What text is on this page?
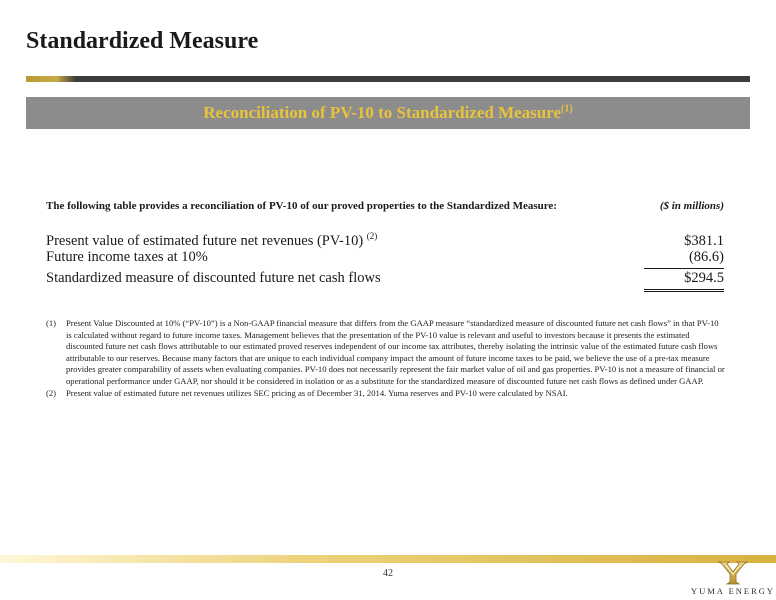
Standardized Measure
Reconciliation of PV-10 to Standardized Measure$^{(1)}$
The following table provides a reconciliation of PV-10 of our proved properties to the Standardized Measure:	($ in millions)
Present value of estimated future net revenues (PV-10) $^{(2)}$	$381.1
Future income taxes at 10%	(86.6)
Standardized measure of discounted future net cash flows	$294.5
(1)	Present Value Discounted at 10% (“PV-10”) is a Non-GAAP financial measure that differs from the GAAP measure “standardized measure of discounted future net cash flows” in that PV-10 is calculated without regard to future income taxes. Management believes that the presentation of the PV-10 value is relevant and useful to investors because it presents the estimated discounted future net cash flows attributable to our estimated proved reserves independent of our income tax attributes, thereby isolating the intrinsic value of the estimated future cash flows attributable to our reserves. Because many factors that are unique to each individual company impact the amount of future income taxes to be paid, we believe the use of a pre-tax measure provides greater comparability of assets when evaluating companies. PV-10 does not necessarily represent the fair market value of oil and gas properties. PV-10 is not a measure of financial or operational performance under GAAP, nor should it be considered in isolation or as a substitute for the standardized measure of discounted future net cash flows as defined under GAAP.
(2)	Present value of estimated future net revenues utilizes SEC pricing as of December 31, 2014. Yuma reserves and PV-10 were calculated by NSAI.
42
YUMA ENERGY
